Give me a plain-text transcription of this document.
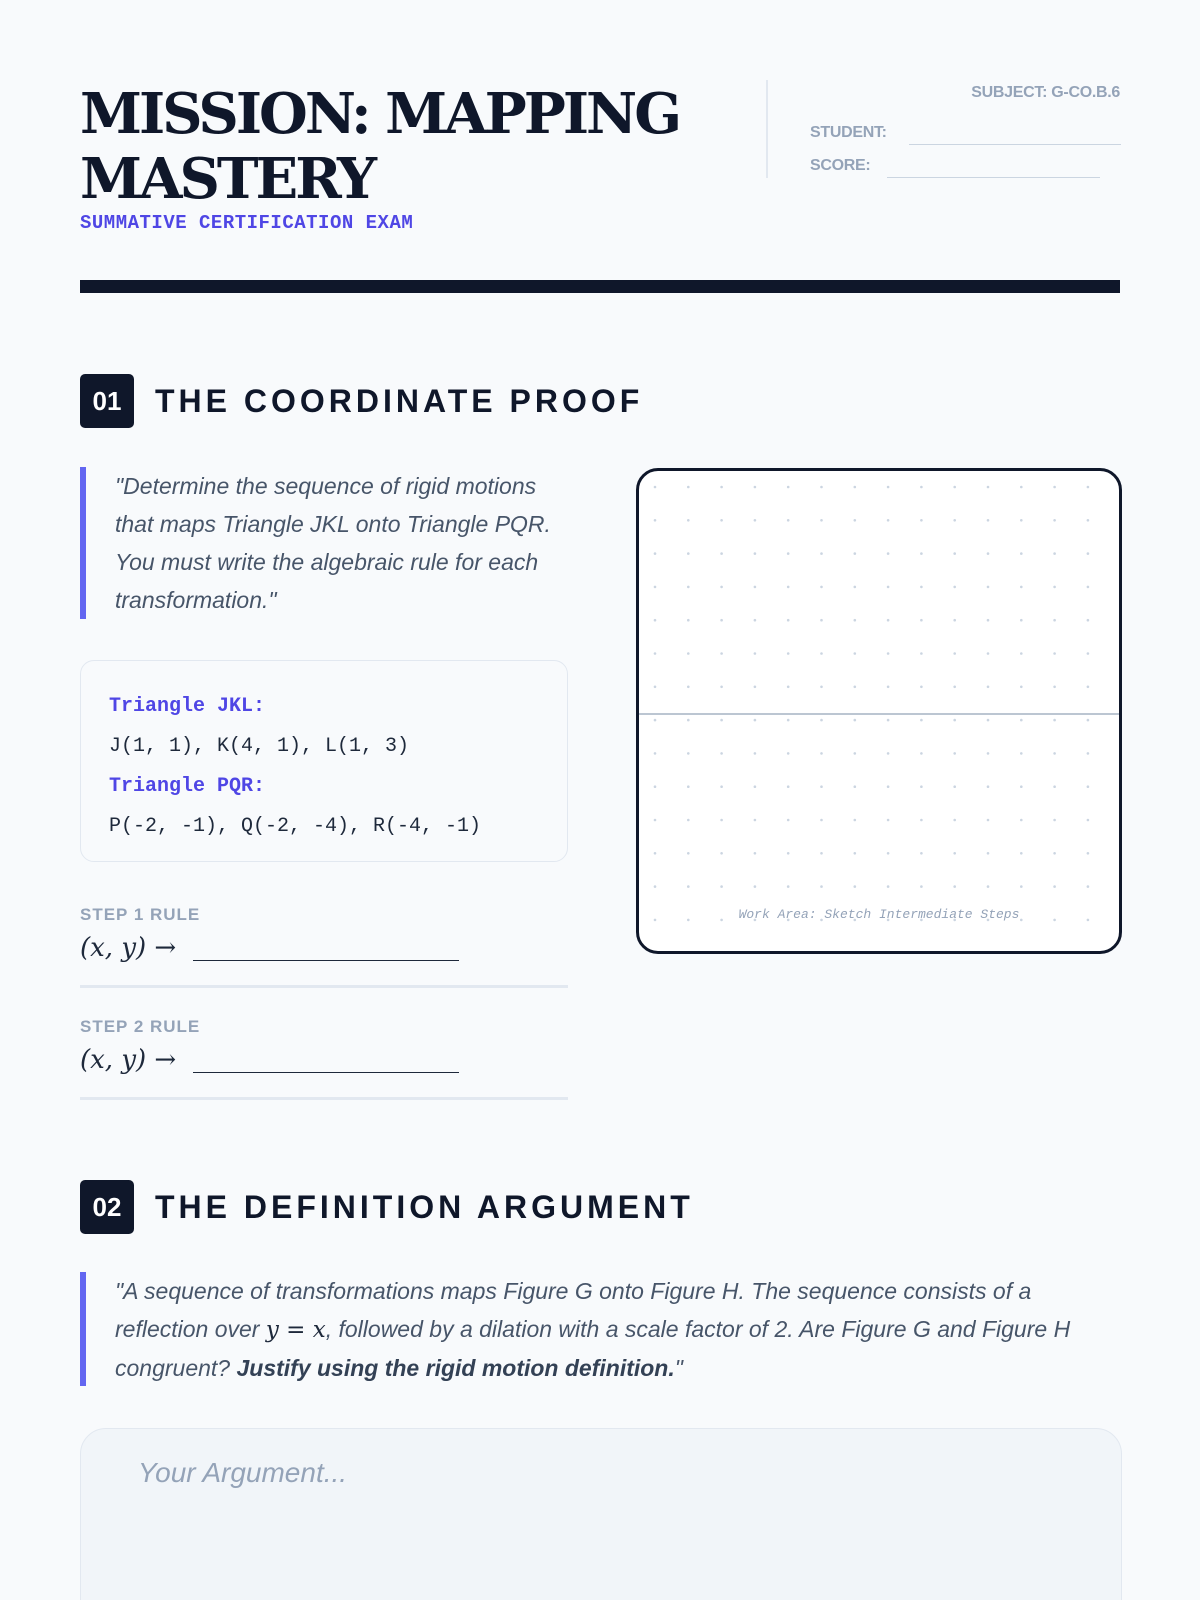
MISSION: MAPPING MASTERY
SUMMATIVE CERTIFICATION EXAM
SUBJECT: G-CO.B.6
STUDENT:
SCORE:
01	THE COORDINATE PROOF
"Determine the sequence of rigid motions that maps Triangle JKL onto Triangle PQR. You must write the algebraic rule for each transformation."
Triangle JKL:
J(1, 1), K(4, 1), L(1, 3)
Triangle PQR:
P(-2, -1), Q(-2, -4), R(-4, -1)
STEP 1 RULE
(x, y) →
STEP 2 RULE
(x, y) →
Work Area: Sketch Intermediate Steps
02	THE DEFINITION ARGUMENT
"A sequence of transformations maps Figure G onto Figure H. The sequence consists of a reflection over y = x, followed by a dilation with a scale factor of 2. Are Figure G and Figure H congruent? Justify using the rigid motion definition."
Your Argument...
